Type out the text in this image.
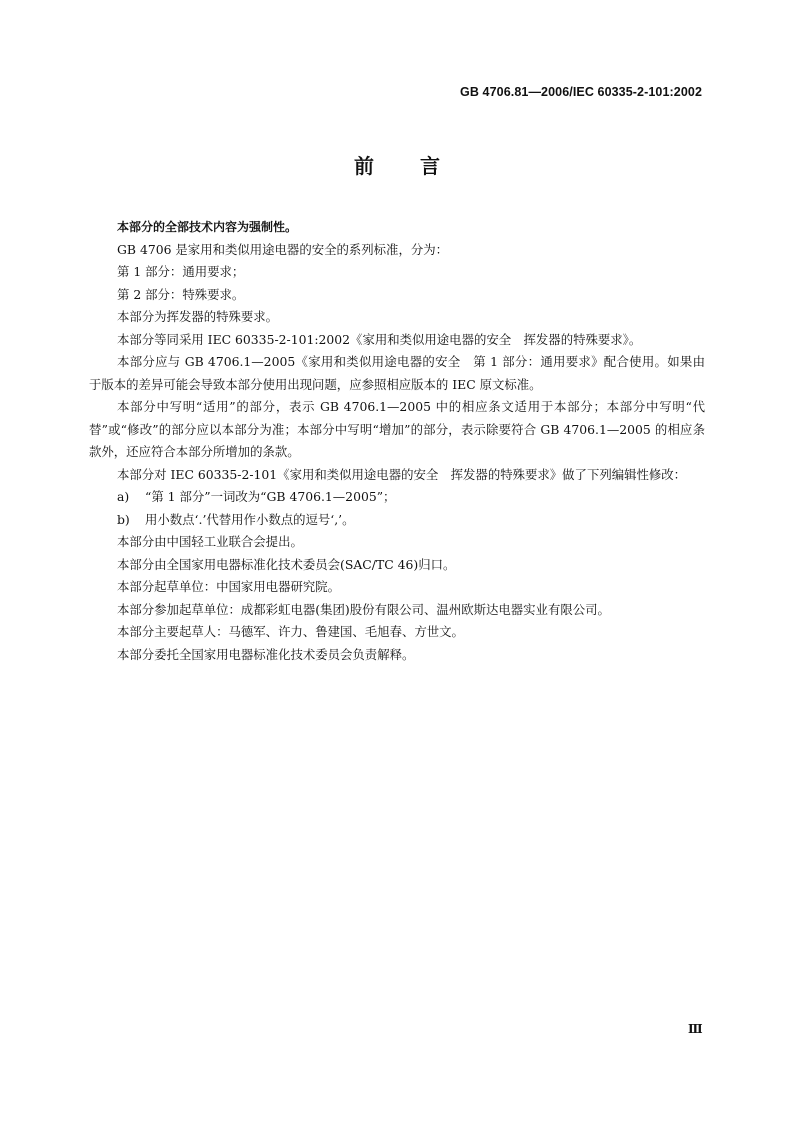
GB 4706.81—2006/IEC 60335-2-101:2002
前 言

本部分的全部技术内容为强制性。

GB 4706 是家用和类似用途电器的安全的系列标准，分为：

第 1 部分：通用要求；

第 2 部分：特殊要求。

本部分为挥发器的特殊要求。

本部分等同采用 IEC 60335-2-101:2002《家用和类似用途电器的安全　挥发器的特殊要求》。

本部分应与 GB 4706.1—2005《家用和类似用途电器的安全　第 1 部分：通用要求》配合使用。如果由于版本的差异可能会导致本部分使用出现问题，应参照相应版本的 IEC 原文标准。

本部分中写明“适用”的部分，表示 GB 4706.1—2005 中的相应条文适用于本部分；本部分中写明“代替”或“修改”的部分应以本部分为准；本部分中写明“增加”的部分，表示除要符合 GB 4706.1—2005 的相应条款外，还应符合本部分所增加的条款。

本部分对 IEC 60335-2-101《家用和类似用途电器的安全　挥发器的特殊要求》做了下列编辑性修改：

a) “第 1 部分”一词改为“GB 4706.1—2005”；

b) 用小数点‘.’代替用作小数点的逗号‘,’。

本部分由中国轻工业联合会提出。

本部分由全国家用电器标准化技术委员会(SAC/TC 46)归口。

本部分起草单位：中国家用电器研究院。

本部分参加起草单位：成都彩虹电器(集团)股份有限公司、温州欧斯达电器实业有限公司。

本部分主要起草人：马德军、许力、鲁建国、毛旭春、方世文。

本部分委托全国家用电器标准化技术委员会负责解释。

Ⅲ
